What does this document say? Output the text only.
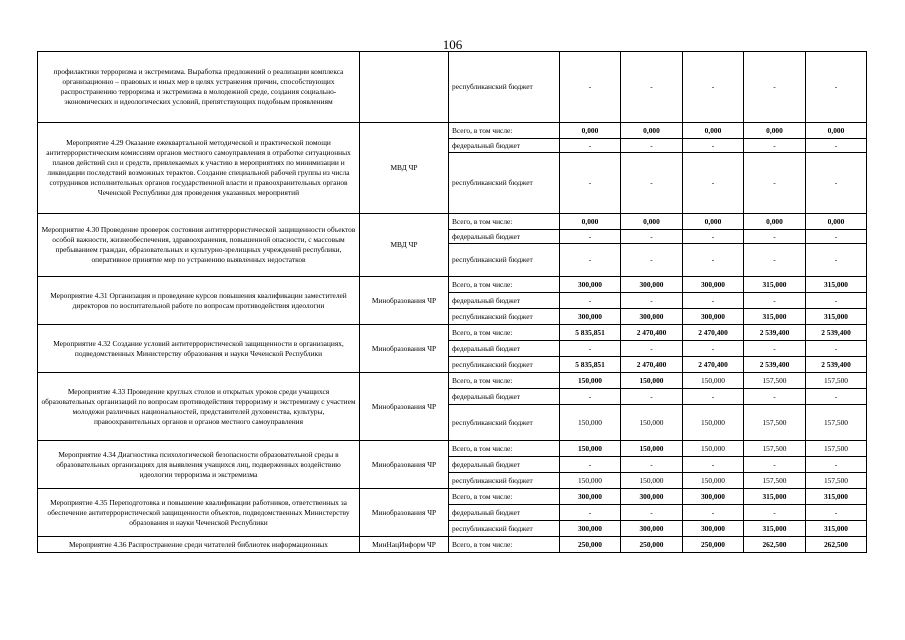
106
профилактики терроризма и экстремизма. Выработка предложений о реализации комплекса организационно – правовых и иных мер в целях устранения причин, способствующих распространению терроризма и экстремизма в молодежной среде, создания социально-экономических и идеологических условий, препятствующих подобным проявлениям		республиканский бюджет	-	-	-	-	-
Мероприятие 4.29 Оказание ежеквартальной методической и практической помощи антитеррористическим комиссиям органов местного самоуправления в отработке ситуационных планов действий сил и средств, привлекаемых к участию в мероприятиях по минимизации и ликвидации последствий возможных терактов. Создание специальной рабочей группы из числа сотрудников исполнительных органов государственной власти и правоохранительных органов Чеченской Республики для проведения указанных мероприятий	МВД ЧР	Всего, в том числе:	0,000	0,000	0,000	0,000	0,000
		федеральный бюджет	-	-	-	-	-
		республиканский бюджет	-	-	-	-	-
Мероприятие 4.30 Проведение проверок состояния антитеррористической защищенности объектов особой важности, жизнеобеспечения, здравоохранения, повышенной опасности, с массовым пребыванием граждан, образовательных и культурно-зрелищных учреждений республики, оперативное принятие мер по устранению выявленных недостатков	МВД ЧР	Всего, в том числе:	0,000	0,000	0,000	0,000	0,000
		федеральный бюджет	-	-	-	-	-
		республиканский бюджет	-	-	-	-	-
Мероприятие 4.31 Организация и проведение курсов повышения квалификации заместителей директоров по воспитательной работе по вопросам противодействия идеологии	Минобразования ЧР	Всего, в том числе:	300,000	300,000	300,000	315,000	315,000
		федеральный бюджет	-	-	-	-	-
		республиканский бюджет	300,000	300,000	300,000	315,000	315,000
Мероприятие 4.32 Создание условий антитеррористической защищенности в организациях, подведомственных Министерству образования и науки Чеченской Республики	Минобразования ЧР	Всего, в том числе:	5 835,851	2 470,400	2 470,400	2 539,400	2 539,400
		федеральный бюджет	-	-	-	-	-
		республиканский бюджет	5 835,851	2 470,400	2 470,400	2 539,400	2 539,400
Мероприятие 4.33 Проведение круглых столов и открытых уроков среди учащихся образовательных организаций по вопросам противодействия терроризму и экстремизму с участием молодежи различных национальностей, представителей духовенства, культуры, правоохранительных органов и органов местного самоуправления	Минобразования ЧР	Всего, в том числе:	150,000	150,000	150,000	157,500	157,500
		федеральный бюджет	-	-	-	-	-
		республиканский бюджет	150,000	150,000	150,000	157,500	157,500
Мероприятие 4.34 Диагностика психологической безопасности образовательной среды в образовательных организациях для выявления учащихся лиц, подверженных воздействию идеологии терроризма и экстремизма	Минобразования ЧР	Всего, в том числе:	150,000	150,000	150,000	157,500	157,500
		федеральный бюджет	-	-	-	-	-
		республиканский бюджет	150,000	150,000	150,000	157,500	157,500
Мероприятие 4.35 Переподготовка и повышение квалификации работников, ответственных за обеспечение антитеррористической защищенности объектов, подведомственных Министерству образования и науки Чеченской Республики	Минобразования ЧР	Всего, в том числе:	300,000	300,000	300,000	315,000	315,000
		федеральный бюджет	-	-	-	-	-
		республиканский бюджет	300,000	300,000	300,000	315,000	315,000
Мероприятие 4.36 Распространение среди читателей библиотек информационных	МинНацИнформ ЧР	Всего, в том числе:	250,000	250,000	250,000	262,500	262,500
